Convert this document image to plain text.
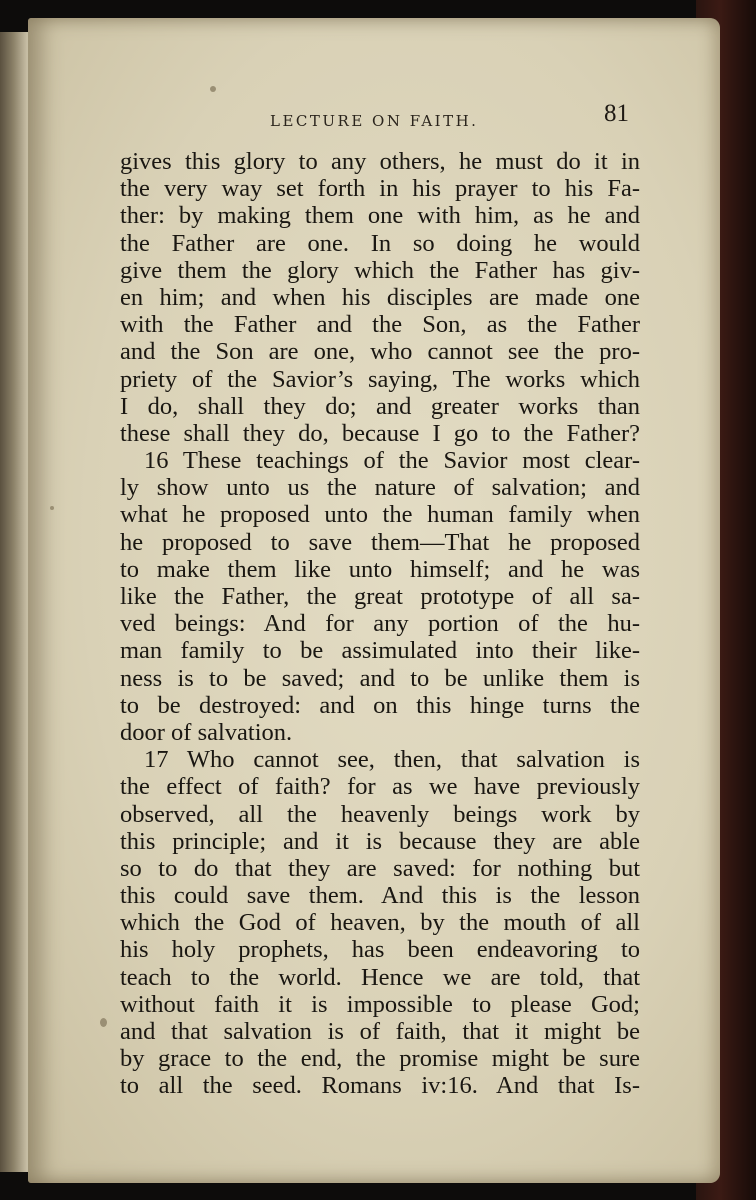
LECTURE ON FAITH.	81
gives this glory to any others, he must do it in
the very way set forth in his prayer to his Fa-
ther: by making them one with him, as he and
the Father are one. In so doing he would
give them the glory which the Father has giv-
en him; and when his disciples are made one
with the Father and the Son, as the Father
and the Son are one, who cannot see the pro-
priety of the Savior’s saying, The works which
I do, shall they do; and greater works than
these shall they do, because I go to the Father?
16 These teachings of the Savior most clear-
ly show unto us the nature of salvation; and
what he proposed unto the human family when
he proposed to save them—That he proposed
to make them like unto himself; and he was
like the Father, the great prototype of all sa-
ved beings: And for any portion of the hu-
man family to be assimulated into their like-
ness is to be saved; and to be unlike them is
to be destroyed: and on this hinge turns the
door of salvation.
17 Who cannot see, then, that salvation is
the effect of faith? for as we have previously
observed, all the heavenly beings work by
this principle; and it is because they are able
so to do that they are saved: for nothing but
this could save them. And this is the lesson
which the God of heaven, by the mouth of all
his holy prophets, has been endeavoring to
teach to the world. Hence we are told, that
without faith it is impossible to please God;
and that salvation is of faith, that it might be
by grace to the end, the promise might be sure
to all the seed. Romans iv:16. And that Is-
